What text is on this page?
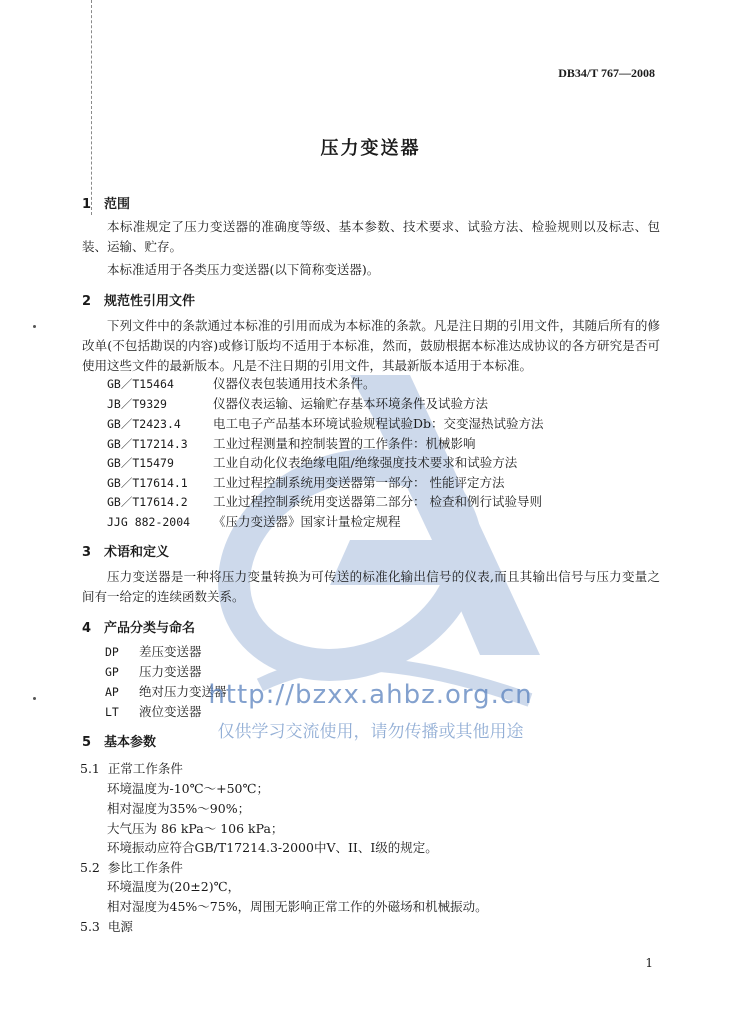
DB34/T 767—2008
压力变送器
1 范围
本标准规定了压力变送器的准确度等级、基本参数、技术要求、试验方法、检验规则以及标志、包装、运输、贮存。
本标准适用于各类压力变送器(以下简称变送器)。
2 规范性引用文件
下列文件中的条款通过本标准的引用而成为本标准的条款。凡是注日期的引用文件，其随后所有的修改单(不包括勘误的内容)或修订版均不适用于本标准，然而，鼓励根据本标准达成协议的各方研究是否可使用这些文件的最新版本。凡是不注日期的引用文件，其最新版本适用于本标准。
GB／T15464	仪器仪表包装通用技术条件。
JB／T9329	仪器仪表运输、运输贮存基本环境条件及试验方法
GB／T2423.4	电工电子产品基本环境试验规程试验Db：交变湿热试验方法
GB／T17214.3 工业过程测量和控制装置的工作条件：机械影响
GB／T15479	工业自动化仪表绝缘电阻/绝缘强度技术要求和试验方法
GB／T17614.1 工业过程控制系统用变送器第一部分： 性能评定方法
GB／T17614.2 工业过程控制系统用变送器第二部分： 检查和例行试验导则
JJG 882-2004 《压力变送器》国家计量检定规程
3 术语和定义
压力变送器是一种将压力变量转换为可传送的标准化输出信号的仪表,而且其输出信号与压力变量之间有一给定的连续函数关系。
4 产品分类与命名
DP 差压变送器
GP 压力变送器
AP 绝对压力变送器
LT 液位变送器
5 基本参数
5.1 正常工作条件
环境温度为-10℃～+50℃；
相对湿度为35%～90%；
大气压为 86 kPa～ 106 kPa；
环境振动应符合GB/T17214.3-2000中V、II、I级的规定。
5.2 参比工作条件
环境温度为(20±2)℃，
相对湿度为45%～75%，周围无影响正常工作的外磁场和机械振动。
5.3 电源
http://bzxx.ahbz.org.cn
仅供学习交流使用，请勿传播或其他用途
1
